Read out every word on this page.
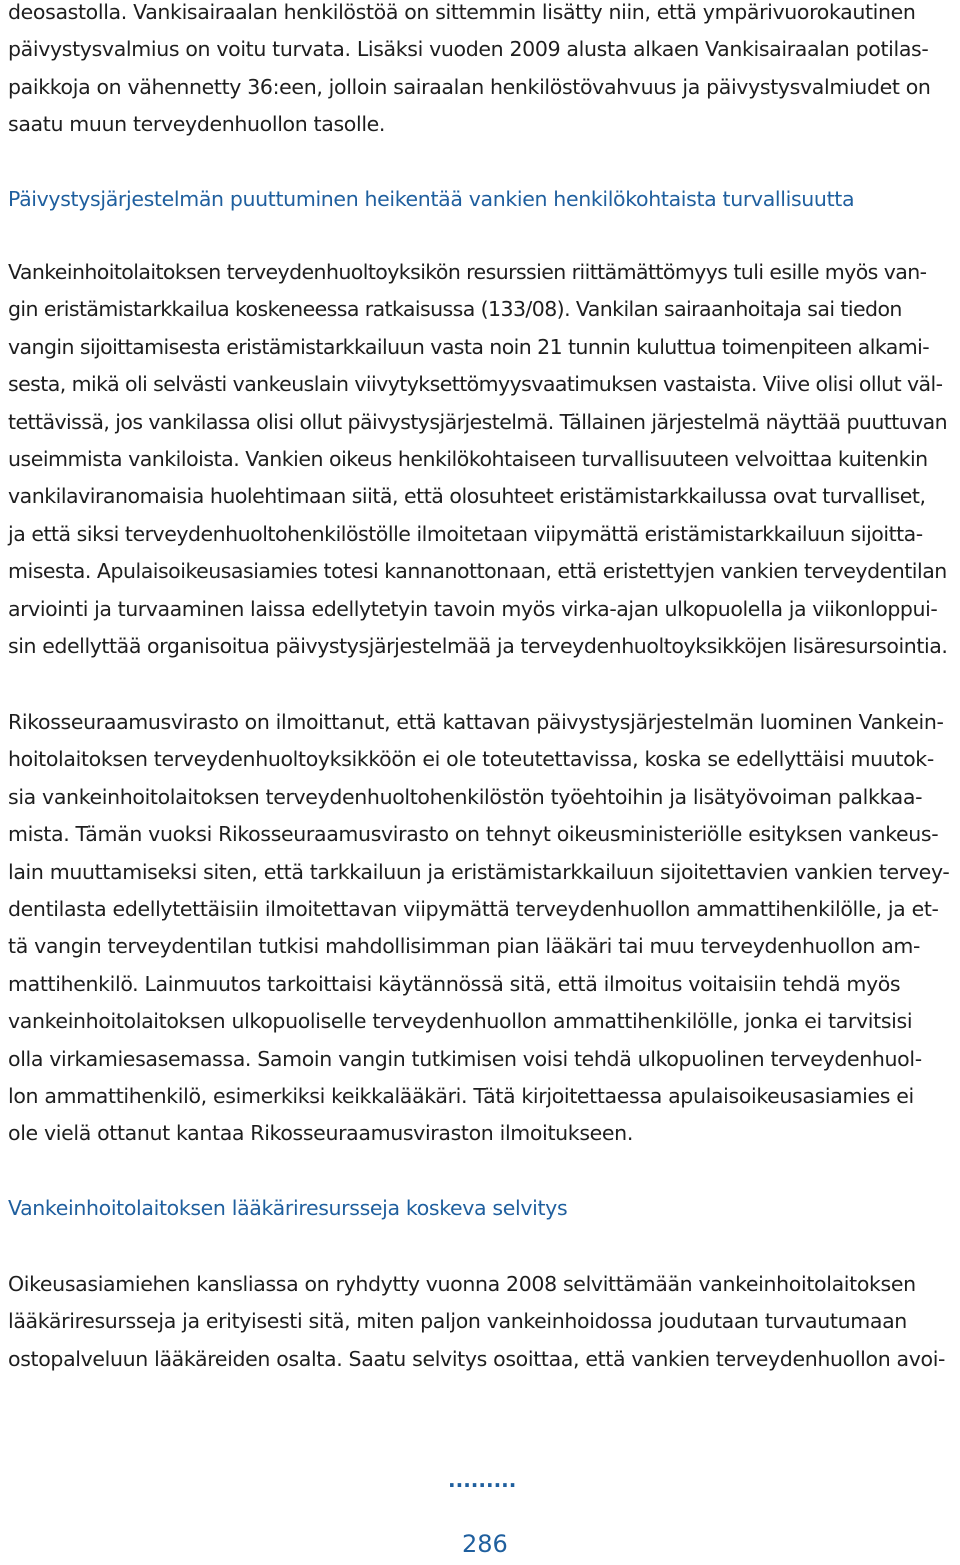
deosastolla. Vankisairaalan henkilöstöä on sittemmin lisätty niin, että ympärivuorokautinen
päivystysvalmius on voitu turvata. Lisäksi vuoden 2009 alusta alkaen Vankisairaalan potilas-
paikkoja on vähennetty 36:een, jolloin sairaalan henkilöstövahvuus ja päivystysvalmiudet on
saatu muun terveydenhuollon tasolle.
Päivystysjärjestelmän puuttuminen heikentää vankien henkilökohtaista turvallisuutta
Vankeinhoitolaitoksen terveydenhuoltoyksikön resurssien riittämättömyys tuli esille myös van-
gin eristämistarkkailua koskeneessa ratkaisussa (133/08). Vankilan sairaanhoitaja sai tiedon
vangin sijoittamisesta eristämistarkkailuun vasta noin 21 tunnin kuluttua toimenpiteen alkami-
sesta, mikä oli selvästi vankeuslain viivytyksettömyysvaatimuksen vastaista. Viive olisi ollut väl-
tettävissä, jos vankilassa olisi ollut päivystysjärjestelmä. Tällainen järjestelmä näyttää puuttuvan
useimmista vankiloista. Vankien oikeus henkilökohtaiseen turvallisuuteen velvoittaa kuitenkin
vankilaviranomaisia huolehtimaan siitä, että olosuhteet eristämistarkkailussa ovat turvalliset,
ja että siksi terveydenhuoltohenkilöstölle ilmoitetaan viipymättä eristämistarkkailuun sijoitta-
misesta. Apulaisoikeusasiamies totesi kannanottonaan, että eristettyjen vankien terveydentilan
arviointi ja turvaaminen laissa edellytetyin tavoin myös virka-ajan ulkopuolella ja viikonloppui-
sin edellyttää organisoitua päivystysjärjestelmää ja terveydenhuoltoyksikköjen lisäresursointia.
Rikosseuraamusvirasto on ilmoittanut, että kattavan päivystysjärjestelmän luominen Vankein-
hoitolaitoksen terveydenhuoltoyksikköön ei ole toteutettavissa, koska se edellyttäisi muutok-
sia vankeinhoitolaitoksen terveydenhuoltohenkilöstön työehtoihin ja lisätyövoiman palkkaa-
mista. Tämän vuoksi Rikosseuraamusvirasto on tehnyt oikeusministeriölle esityksen vankeus-
lain muuttamiseksi siten, että tarkkailuun ja eristämistarkkailuun sijoitettavien vankien tervey-
dentilasta edellytettäisiin ilmoitettavan viipymättä terveydenhuollon ammattihenkilölle, ja et-
tä vangin terveydentilan tutkisi mahdollisimman pian lääkäri tai muu terveydenhuollon am-
mattihenkilö. Lainmuutos tarkoittaisi käytännössä sitä, että ilmoitus voitaisiin tehdä myös
vankeinhoitolaitoksen ulkopuoliselle terveydenhuollon ammattihenkilölle, jonka ei tarvitsisi
olla virkamiesasemassa. Samoin vangin tutkimisen voisi tehdä ulkopuolinen terveydenhuol-
lon ammattihenkilö, esimerkiksi keikkalääkäri. Tätä kirjoitettaessa apulaisoikeusasiamies ei
ole vielä ottanut kantaa Rikosseuraamusviraston ilmoitukseen.
Vankeinhoitolaitoksen lääkäriresursseja koskeva selvitys
Oikeusasiamiehen kansliassa on ryhdytty vuonna 2008 selvittämään vankeinhoitolaitoksen
lääkäriresursseja ja erityisesti sitä, miten paljon vankeinhoidossa joudutaan turvautumaan
ostopalveluun lääkäreiden osalta. Saatu selvitys osoittaa, että vankien terveydenhuollon avoi-
.........
286
